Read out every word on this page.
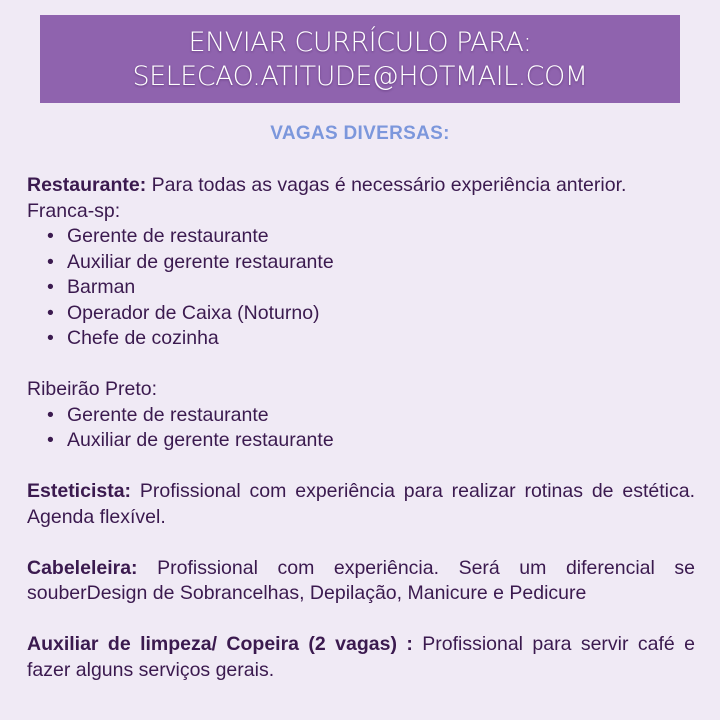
ENVIAR CURRÍCULO PARA:
SELECAO.ATITUDE@HOTMAIL.COM
VAGAS DIVERSAS:

Restaurante: Para todas as vagas é necessário experiência anterior.

Franca-sp:
• Gerente de restaurante
• Auxiliar de gerente restaurante
• Barman
• Operador de Caixa (Noturno)
• Chefe de cozinha
Ribeirão Preto:
• Gerente de restaurante
• Auxiliar de gerente restaurante

Esteticista: Profissional com experiência para realizar rotinas de estética. Agenda flexível.

Cabeleleira: Profissional com experiência. Será um diferencial se souberDesign de Sobrancelhas, Depilação, Manicure e Pedicure

Auxiliar de limpeza/ Copeira (2 vagas) : Profissional para servir café e fazer alguns serviços gerais.
